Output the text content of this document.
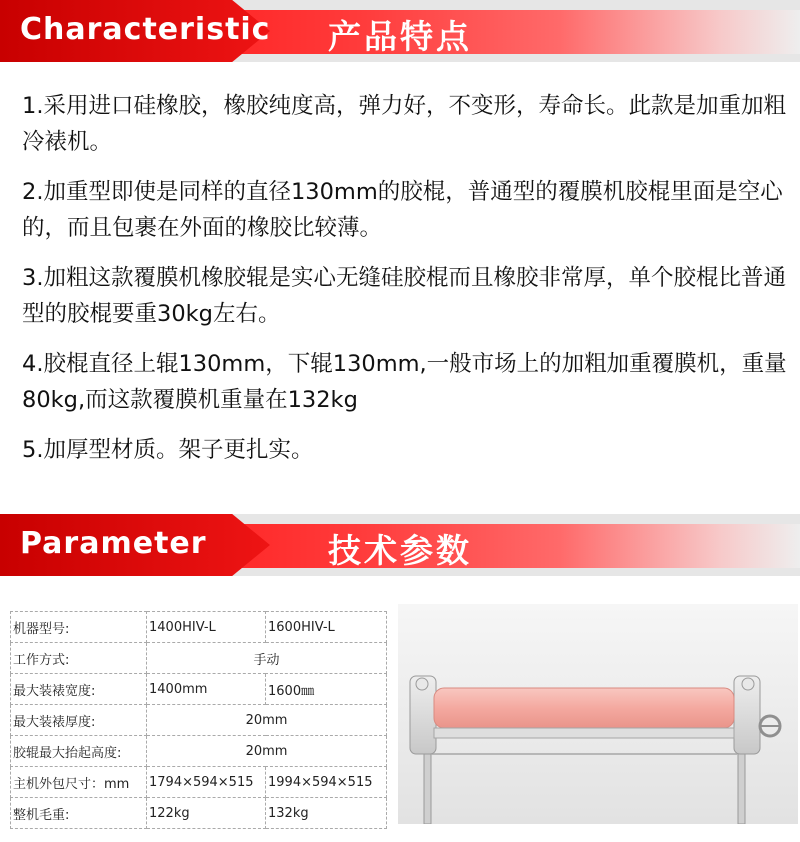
Characteristic 产品特点
1.采用进口硅橡胶，橡胶纯度高，弹力好，不变形，寿命长。此款是加重加粗冷裱机。
2.加重型即使是同样的直径130mm的胶棍，普通型的覆膜机胶棍里面是空心的，而且包裹在外面的橡胶比较薄。
3.加粗这款覆膜机橡胶辊是实心无缝硅胶棍而且橡胶非常厚，单个胶棍比普通型的胶棍要重30kg左右。
4.胶棍直径上辊130mm，下辊130mm,一般市场上的加粗加重覆膜机，重量80kg,而这款覆膜机重量在132kg
5.加厚型材质。架子更扎实。
Parameter	技术参数
机器型号:	1400HIV-L	1600HIV-L
工作方式:	手动	
最大装裱宽度:	1400mm	1600㎜
最大装裱厚度:	20mm	
胶辊最大抬起高度:	20mm	
主机外包尺寸：mm	1794×594×515	1994×594×515
整机毛重:	122kg	132kg
